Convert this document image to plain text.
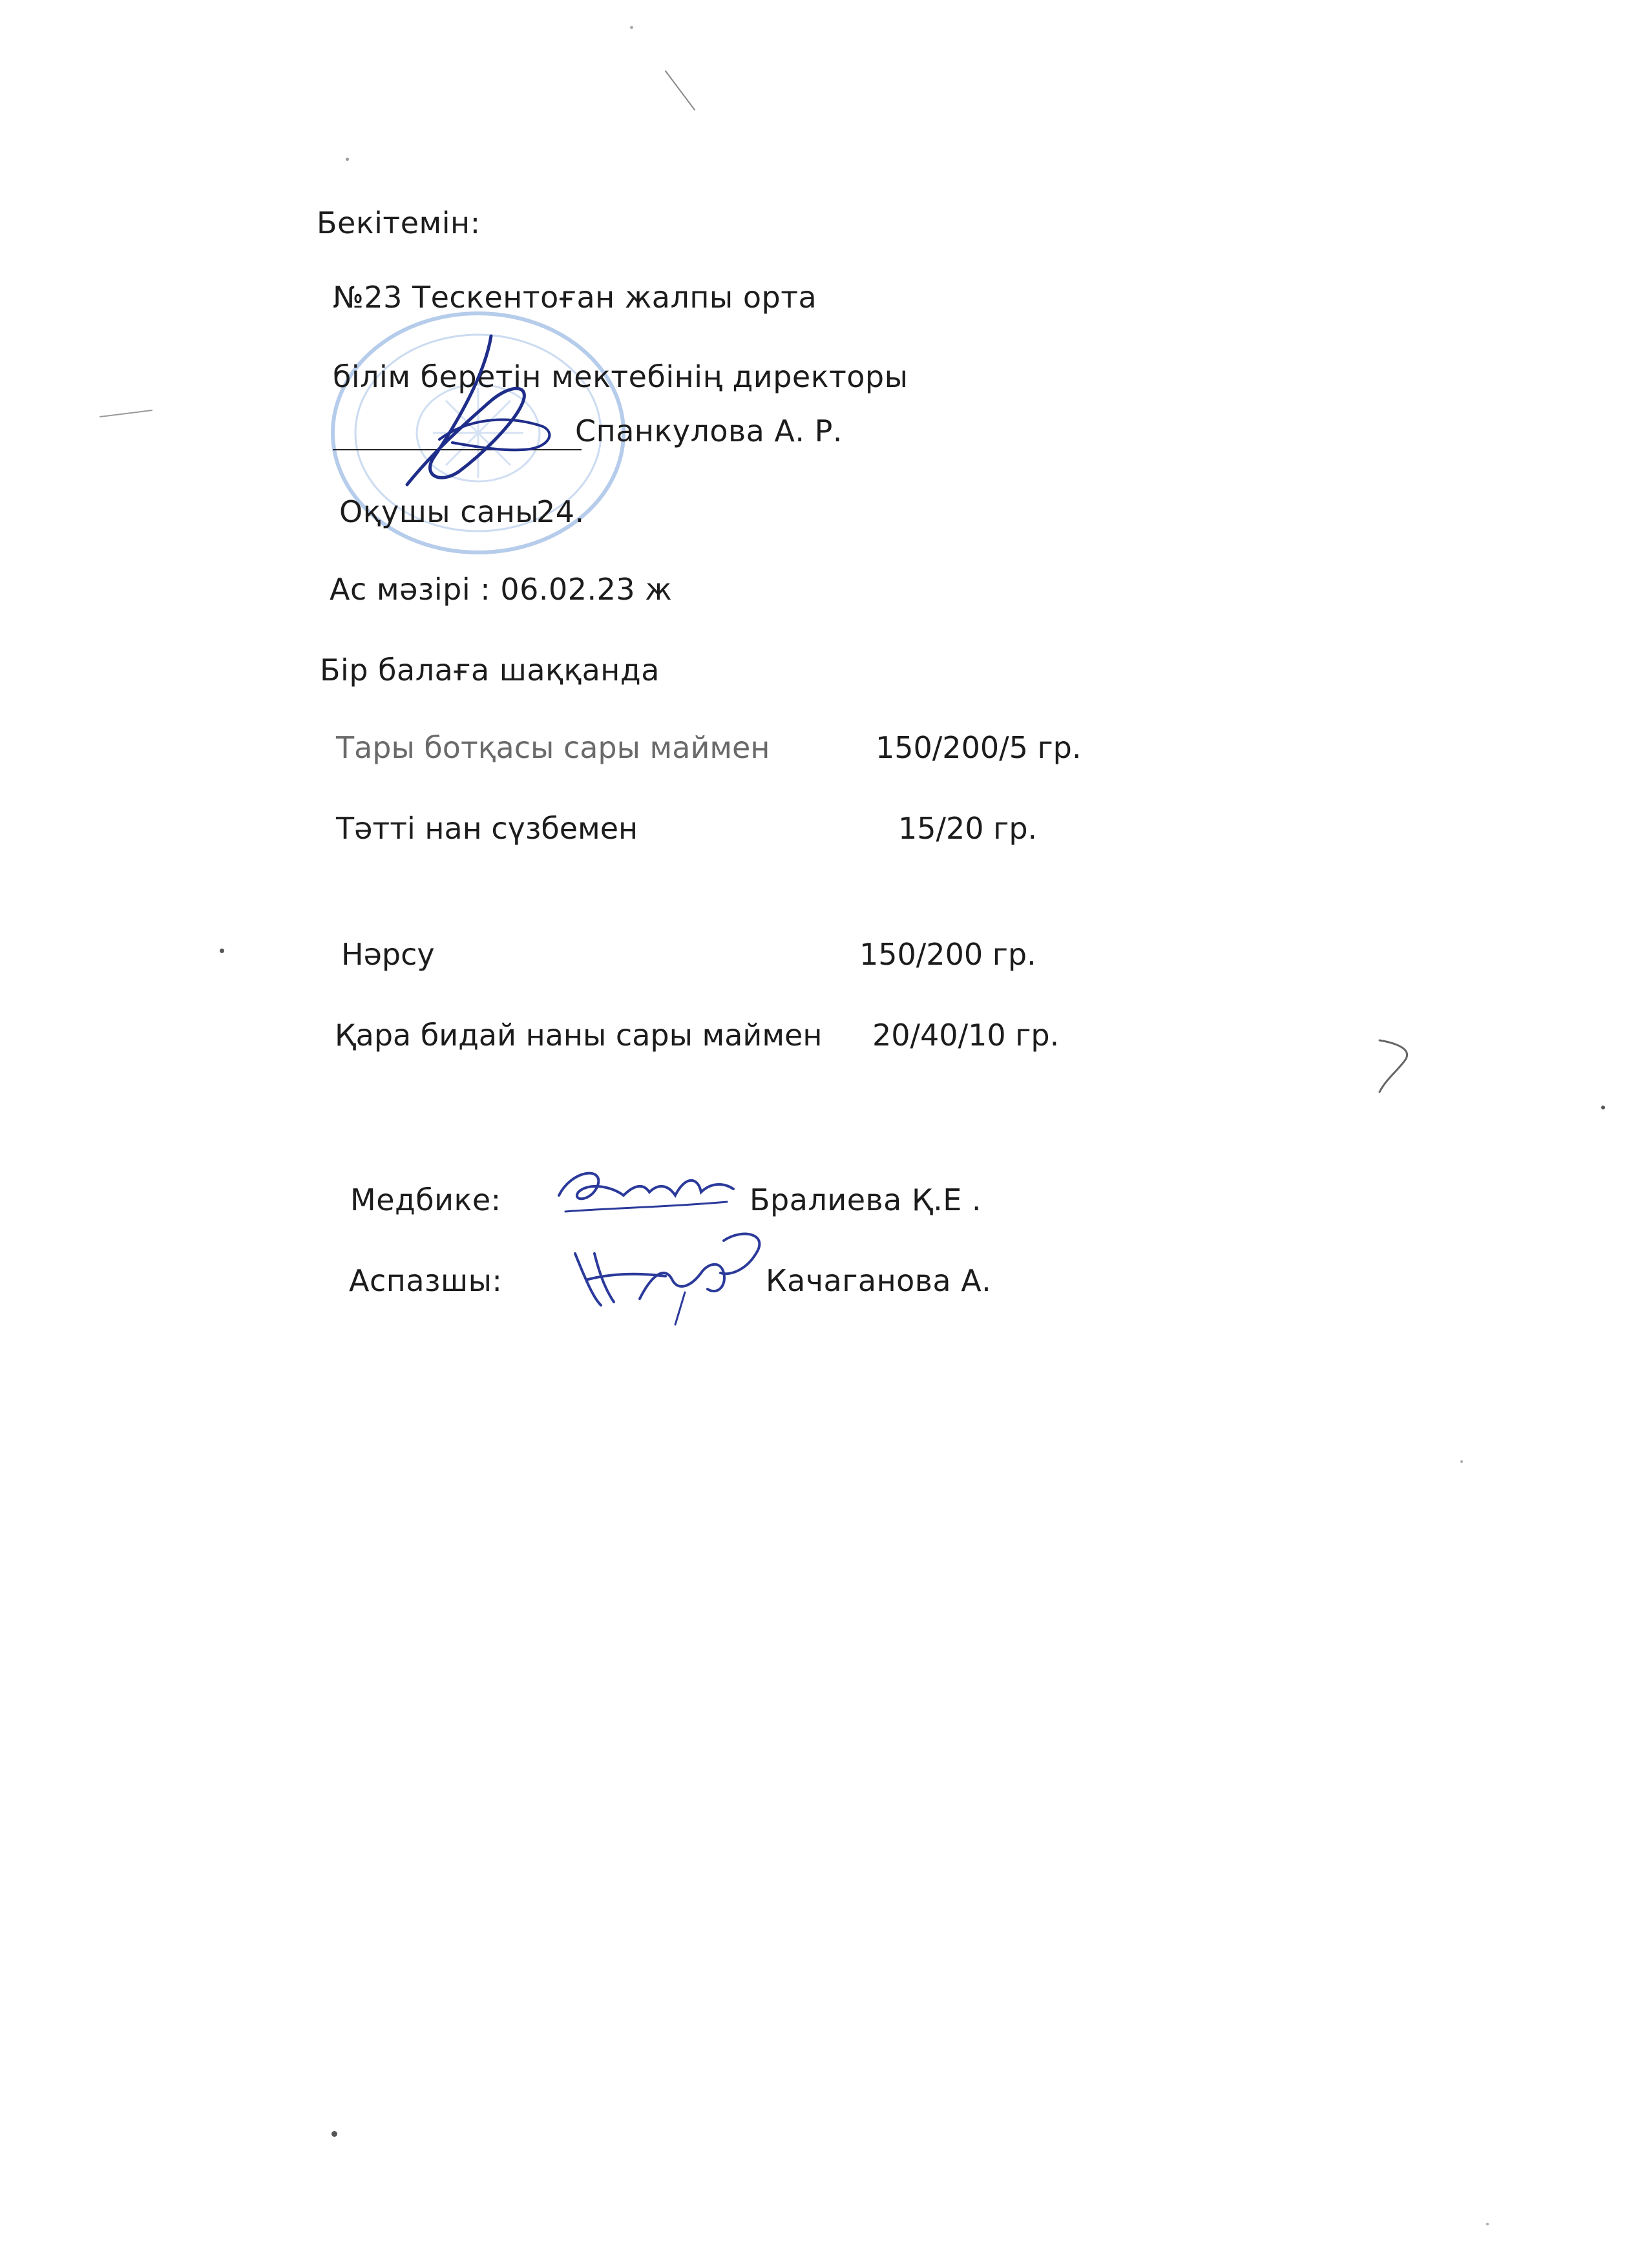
Бекітемін:
№23 Тескентоған жалпы орта
білім беретін мектебінің директоры
Спанкулова А. Р.
Оқушы саны
24.
Ас мәзірі : 06.02.23 ж
Бір балаға шаққанда
Тары ботқасы сары маймен	150/200/5 гр.
Тәтті нан сүзбемен	15/20 гр.
Нәрсу	150/200 гр.
Қара бидай наны сары маймен 20/40/10 гр.
Медбике:	Бралиева Қ.Е .
Аспазшы:	Качаганова А.
